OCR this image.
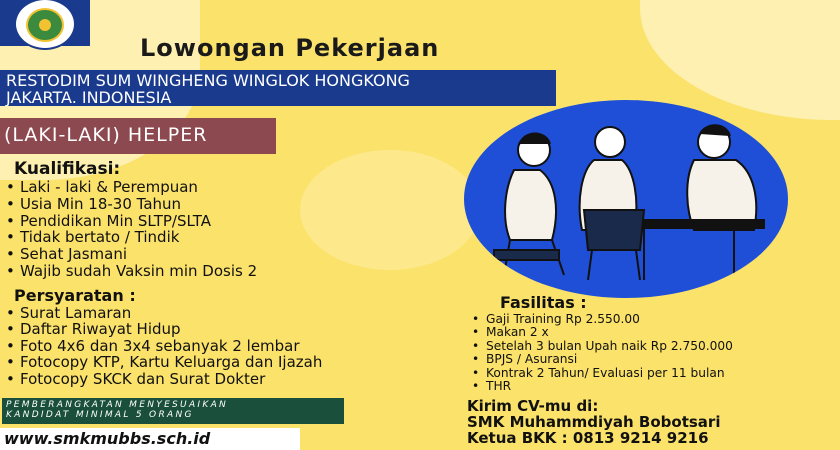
Lowongan Pekerjaan
RESTODIM SUM WINGHENG WINGLOK HONGKONG
JAKARTA. INDONESIA
(LAKI-LAKI) HELPER
Kualifikasi:
• Laki - laki & Perempuan
• Usia Min 18-30 Tahun
• Pendidikan Min SLTP/SLTA
• Tidak bertato / Tindik
• Sehat Jasmani
• Wajib sudah Vaksin min Dosis 2
Persyaratan :
• Surat Lamaran
• Daftar Riwayat Hidup
• Foto 4x6 dan 3x4 sebanyak 2 lembar
• Fotocopy KTP, Kartu Keluarga dan Ijazah
• Fotocopy SKCK dan Surat Dokter
Fasilitas :
• Gaji Training Rp 2.550.00
• Makan 2 x
• Setelah 3 bulan Upah naik Rp 2.750.000
• BPJS / Asuransi
• Kontrak 2 Tahun/ Evaluasi per 11 bulan
• THR
PEMBERANGKATAN MENYESUAIKAN
KANDIDAT MINIMAL 5 ORANG
www.smkmubbs.sch.id
Kirim CV-mu di:
SMK Muhammdiyah Bobotsari
Ketua BKK : 0813 9214 9216
